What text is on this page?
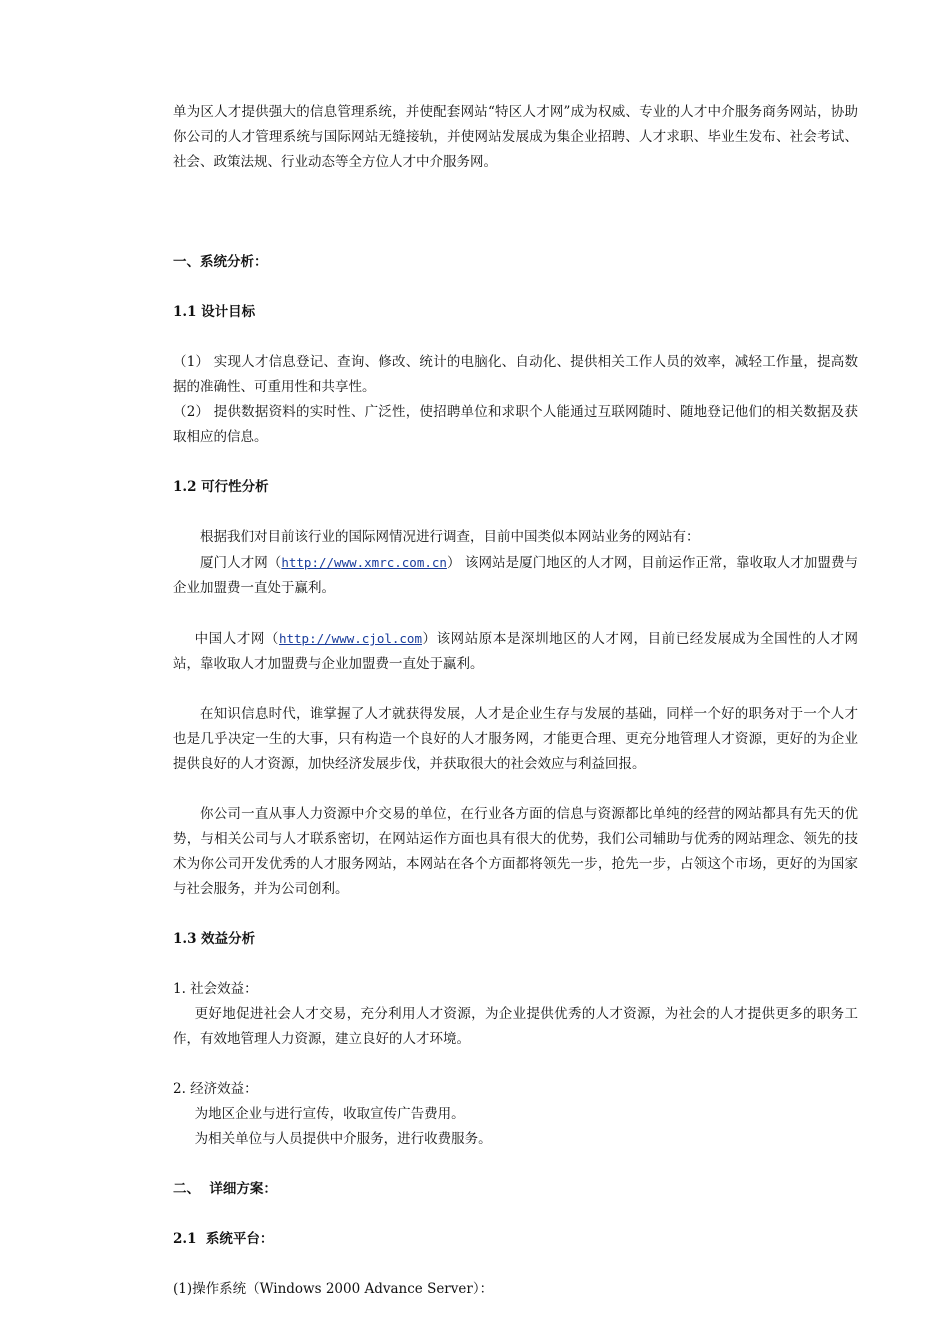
单为区人才提供强大的信息管理系统，并使配套网站“特区人才网”成为权威、专业的人才中介服务商务网站，协助你公司的人才管理系统与国际网站无缝接轨，并使网站发展成为集企业招聘、人才求职、毕业生发布、社会考试、社会、政策法规、行业动态等全方位人才中介服务网。

一、系统分析：

1.1 设计目标

（1） 实现人才信息登记、查询、修改、统计的电脑化、自动化、提供相关工作人员的效率，减轻工作量，提高数据的准确性、可重用性和共享性。

（2） 提供数据资料的实时性、广泛性，使招聘单位和求职个人能通过互联网随时、随地登记他们的相关数据及获取相应的信息。

1.2 可行性分析

根据我们对目前该行业的国际网情况进行调查，目前中国类似本网站业务的网站有：

厦门人才网（http://www.xmrc.com.cn） 该网站是厦门地区的人才网，目前运作正常，靠收取人才加盟费与企业加盟费一直处于赢利。

中国人才网（http://www.cjol.com）该网站原本是深圳地区的人才网，目前已经发展成为全国性的人才网站，靠收取人才加盟费与企业加盟费一直处于赢利。

在知识信息时代，谁掌握了人才就获得发展，人才是企业生存与发展的基础，同样一个好的职务对于一个人才也是几乎决定一生的大事，只有构造一个良好的人才服务网，才能更合理、更充分地管理人才资源，更好的为企业提供良好的人才资源，加快经济发展步伐，并获取很大的社会效应与利益回报。

你公司一直从事人力资源中介交易的单位，在行业各方面的信息与资源都比单纯的经营的网站都具有先天的优势，与相关公司与人才联系密切，在网站运作方面也具有很大的优势，我们公司辅助与优秀的网站理念、领先的技术为你公司开发优秀的人才服务网站，本网站在各个方面都将领先一步，抢先一步，占领这个市场，更好的为国家与社会服务，并为公司创利。

1.3 效益分析

1. 社会效益：

更好地促进社会人才交易，充分利用人才资源，为企业提供优秀的人才资源，为社会的人才提供更多的职务工作，有效地管理人力资源，建立良好的人才环境。

2. 经济效益：

为地区企业与进行宣传，收取宣传广告费用。

为相关单位与人员提供中介服务，进行收费服务。

二、  详细方案：

2.1  系统平台：

(1)操作系统（Windows 2000 Advance Server）：
